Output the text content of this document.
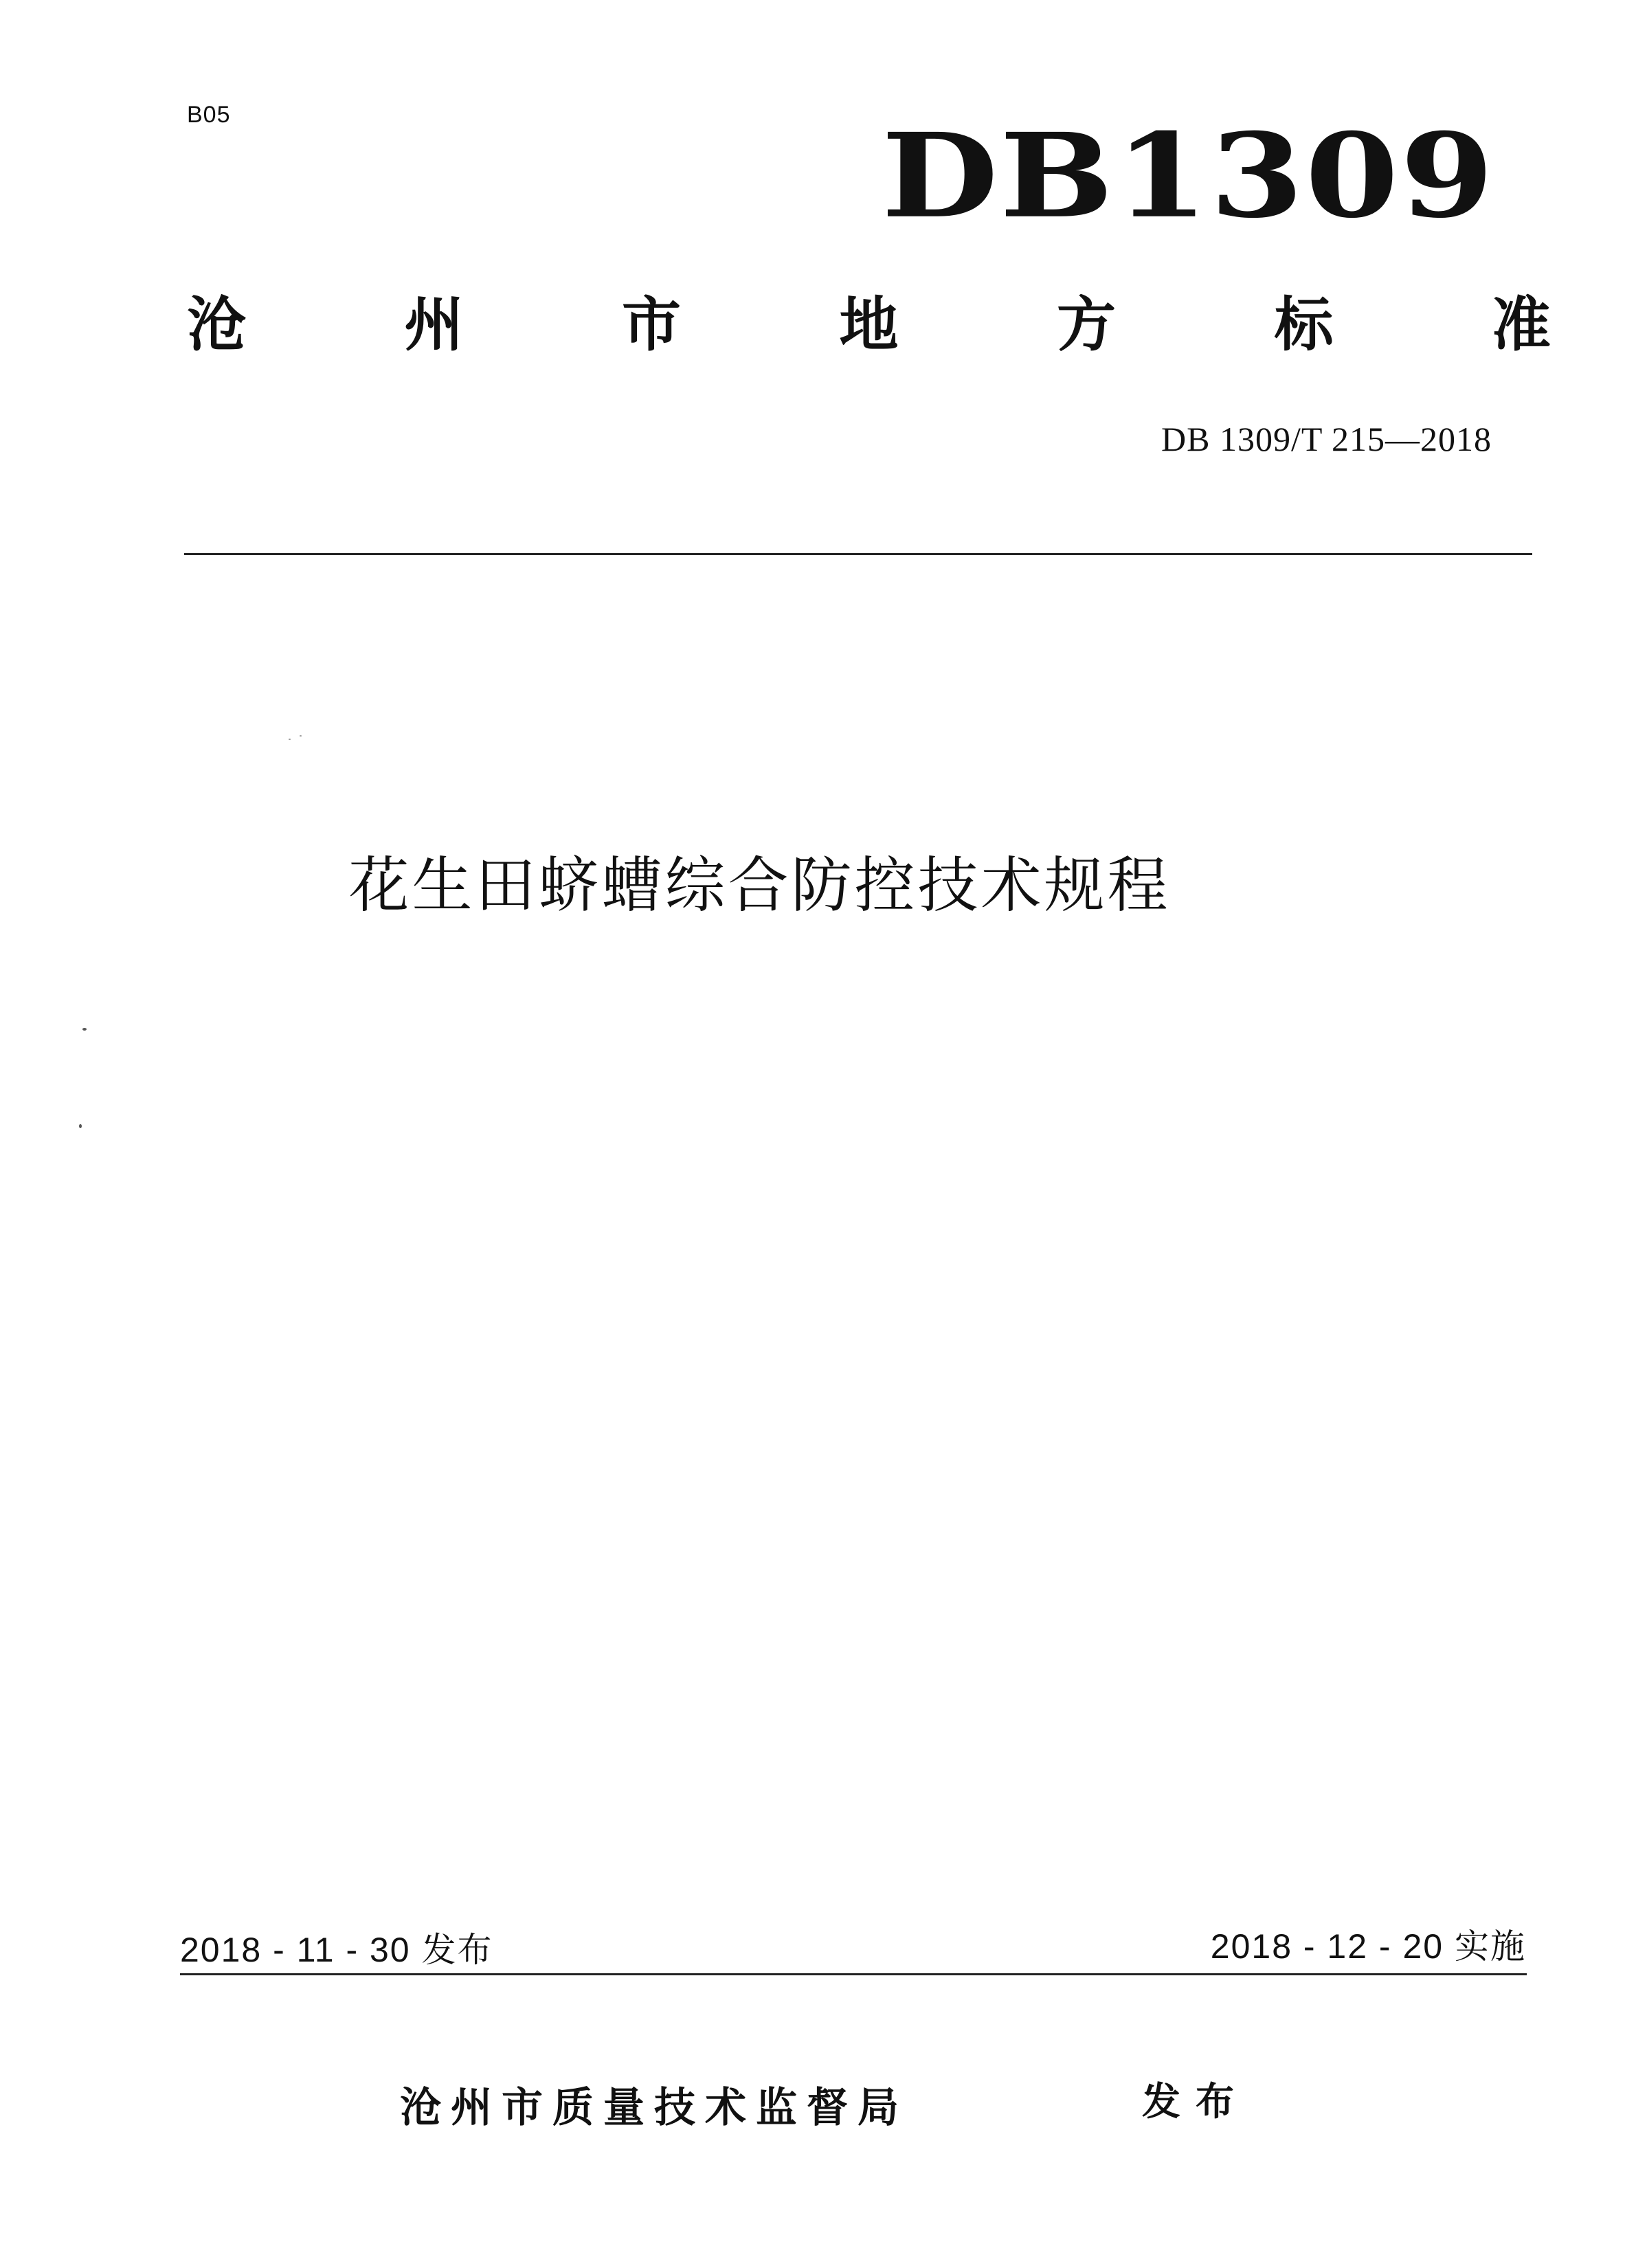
B05	DB1309
沧	州	市	地	方	标	准
DB 1309/T 215—2018
花生田蛴螬综合防控技术规程
2018 - 11 - 30 发布	2018 - 12 - 20 实施
沧州市质量技术监督局	发布
